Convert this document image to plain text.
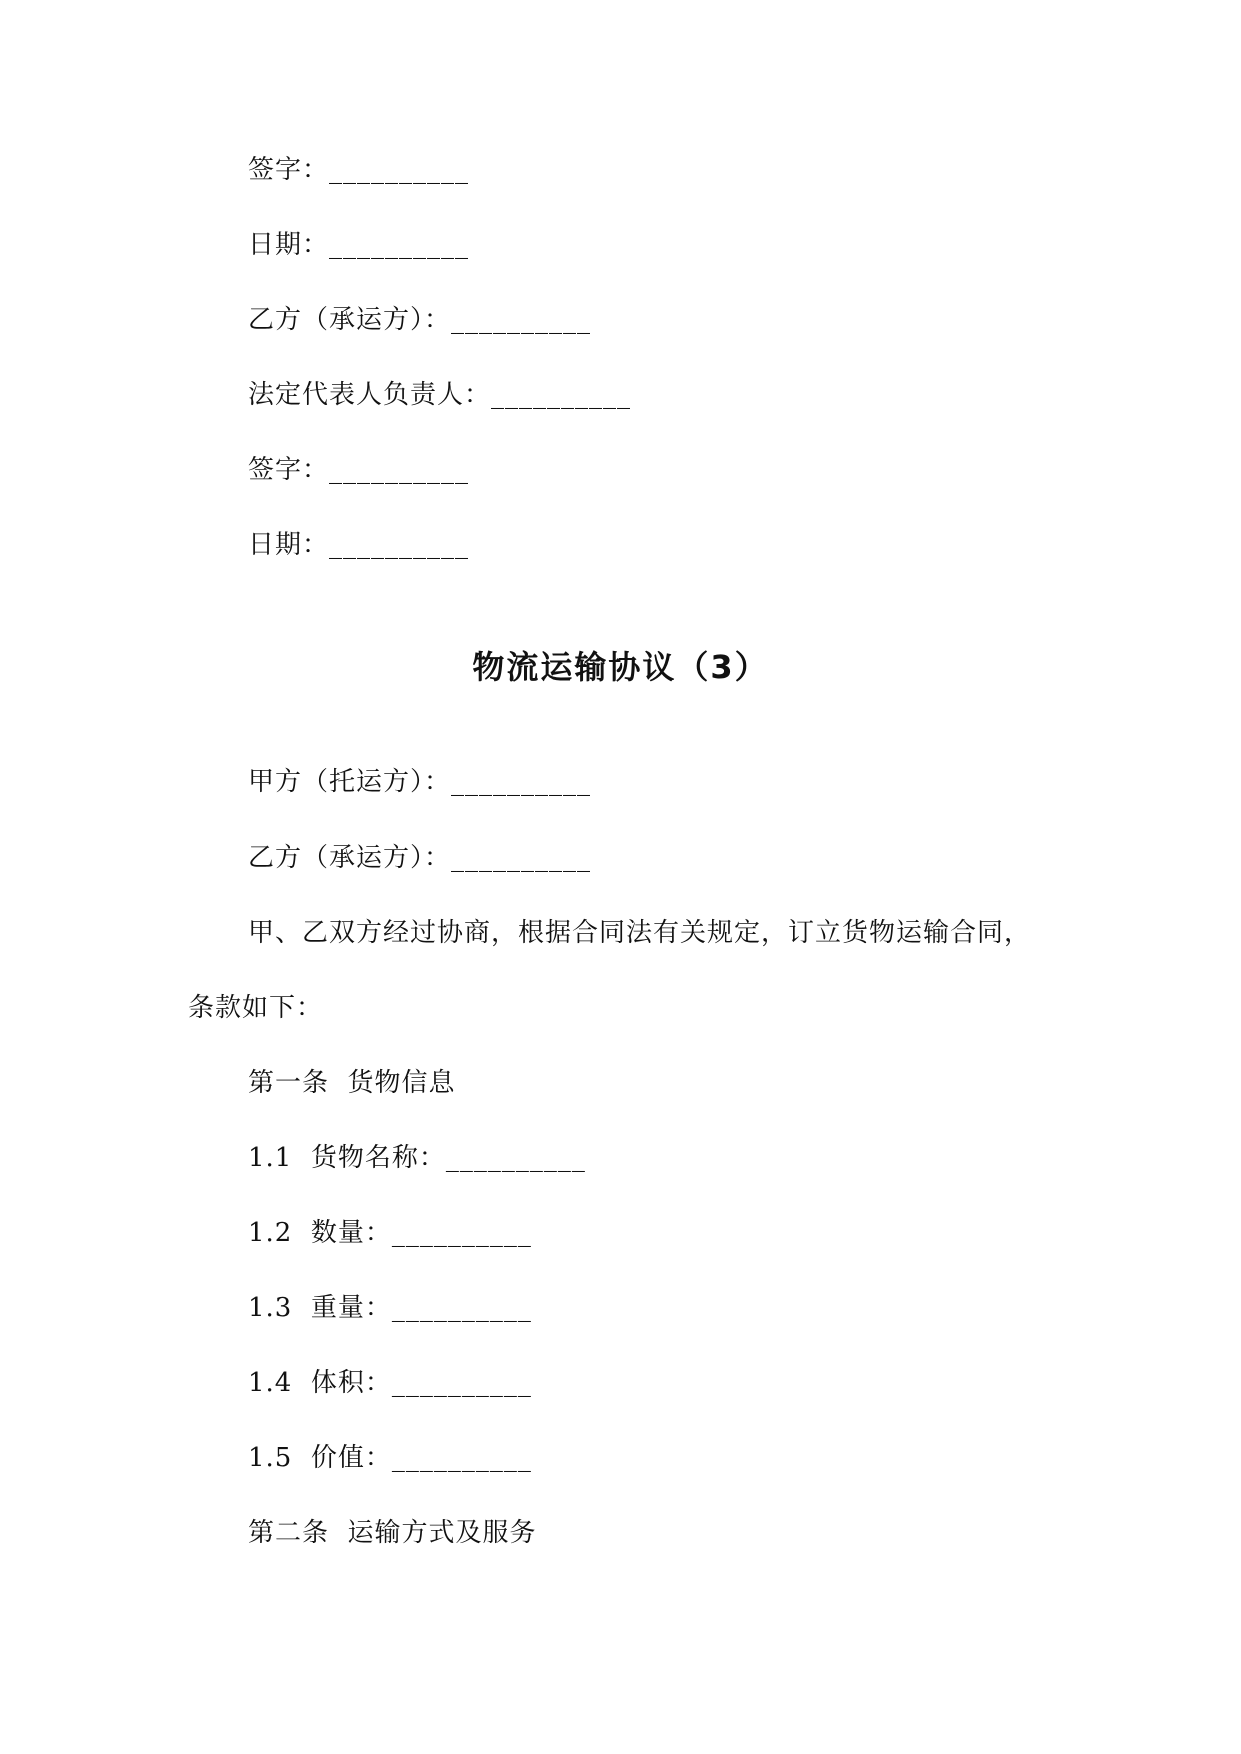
签字：__________
日期：__________
乙方（承运方）：__________
法定代表人负责人：__________
签字：__________
日期：__________
物流运输协议（3）
甲方（托运方）：__________
乙方（承运方）：__________
甲、乙双方经过协商，根据合同法有关规定，订立货物运输合同，
条款如下：
第一条  货物信息
1.1  货物名称：__________
1.2  数量：__________
1.3  重量：__________
1.4  体积：__________
1.5  价值：__________
第二条  运输方式及服务
